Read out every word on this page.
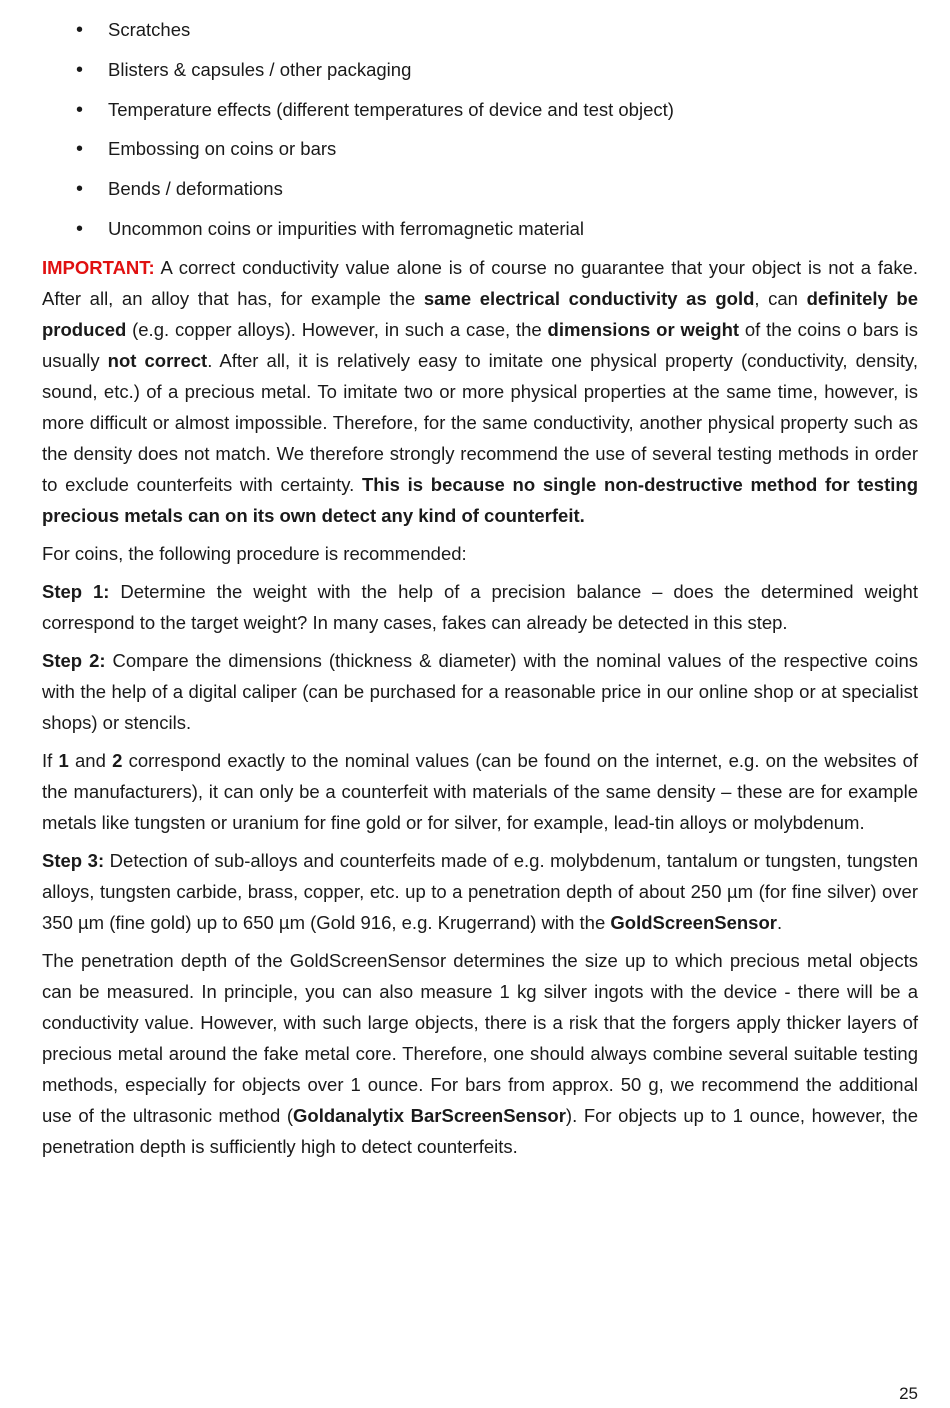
• Scratches
• Blisters & capsules / other packaging
• Temperature effects (different temperatures of device and test object)
• Embossing on coins or bars
• Bends / deformations
• Uncommon coins or impurities with ferromagnetic material

IMPORTANT: A correct conductivity value alone is of course no guarantee that your object is not a fake. After all, an alloy that has, for example the same electrical conductivity as gold, can definitely be produced (e.g. copper alloys). However, in such a case, the dimensions or weight of the coins o bars is usually not correct. After all, it is relatively easy to imitate one physical property (conductivity, density, sound, etc.) of a precious metal. To imitate two or more physical properties at the same time, however, is more difficult or almost impossible. Therefore, for the same conductivity, another physical property such as the density does not match. We therefore strongly recommend the use of several testing methods in order to exclude counterfeits with certainty. This is because no single non-destructive method for testing precious metals can on its own detect any kind of counterfeit.

For coins, the following procedure is recommended:

Step 1: Determine the weight with the help of a precision balance – does the determined weight correspond to the target weight? In many cases, fakes can already be detected in this step.

Step 2: Compare the dimensions (thickness & diameter) with the nominal values of the respective coins with the help of a digital caliper (can be purchased for a reasonable price in our online shop or at specialist shops) or stencils.

If 1 and 2 correspond exactly to the nominal values (can be found on the internet, e.g. on the websites of the manufacturers), it can only be a counterfeit with materials of the same density – these are for example metals like tungsten or uranium for fine gold or for silver, for example, lead-tin alloys or molybdenum.

Step 3: Detection of sub-alloys and counterfeits made of e.g. molybdenum, tantalum or tungsten, tungsten alloys, tungsten carbide, brass, copper, etc. up to a penetration depth of about 250 µm (for fine silver) over 350 µm (fine gold) up to 650 µm (Gold 916, e.g. Krugerrand) with the GoldScreenSensor.

The penetration depth of the GoldScreenSensor determines the size up to which precious metal objects can be measured. In principle, you can also measure 1 kg silver ingots with the device - there will be a conductivity value. However, with such large objects, there is a risk that the forgers apply thicker layers of precious metal around the fake metal core. Therefore, one should always combine several suitable testing methods, especially for objects over 1 ounce. For bars from approx. 50 g, we recommend the additional use of the ultrasonic method (Goldanalytix BarScreenSensor). For objects up to 1 ounce, however, the penetration depth is sufficiently high to detect counterfeits.

25
